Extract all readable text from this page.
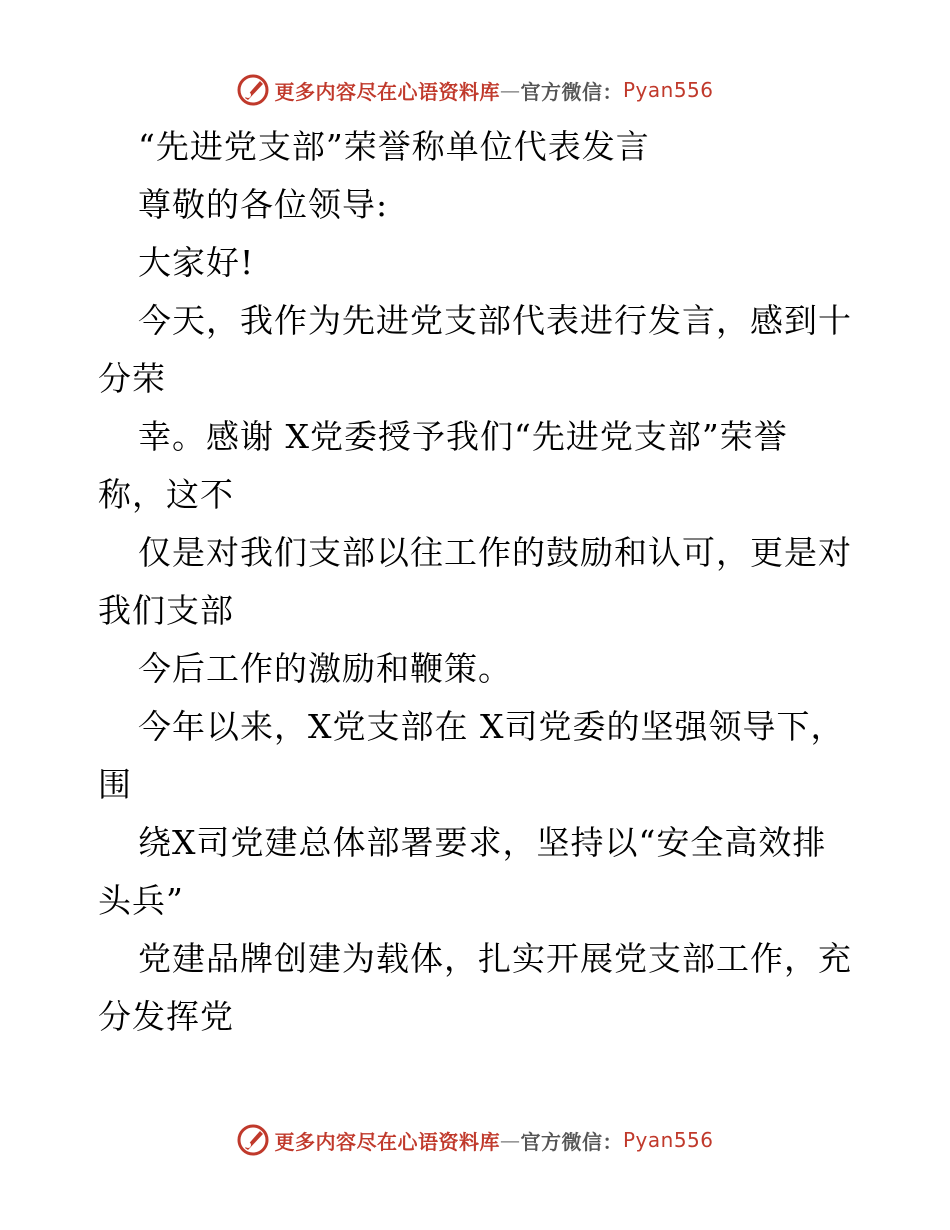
更多内容尽在心语资料库 — 官方微信： Pyan556
“先进党支部”荣誉称单位代表发言
尊敬的各位领导:
大家好!
今天，我作为先进党支部代表进行发言，感到十
分荣
幸。感谢 X党委授予我们“先进党支部”荣誉
称，这不
仅是对我们支部以往工作的鼓励和认可，更是对
我们支部
今后工作的激励和鞭策。
今年以来，X党支部在 X司党委的坚强领导下，
围
绕X司党建总体部署要求，坚持以“安全高效排
头兵”
党建品牌创建为载体，扎实开展党支部工作，充
分发挥党
更多内容尽在心语资料库 — 官方微信： Pyan556
